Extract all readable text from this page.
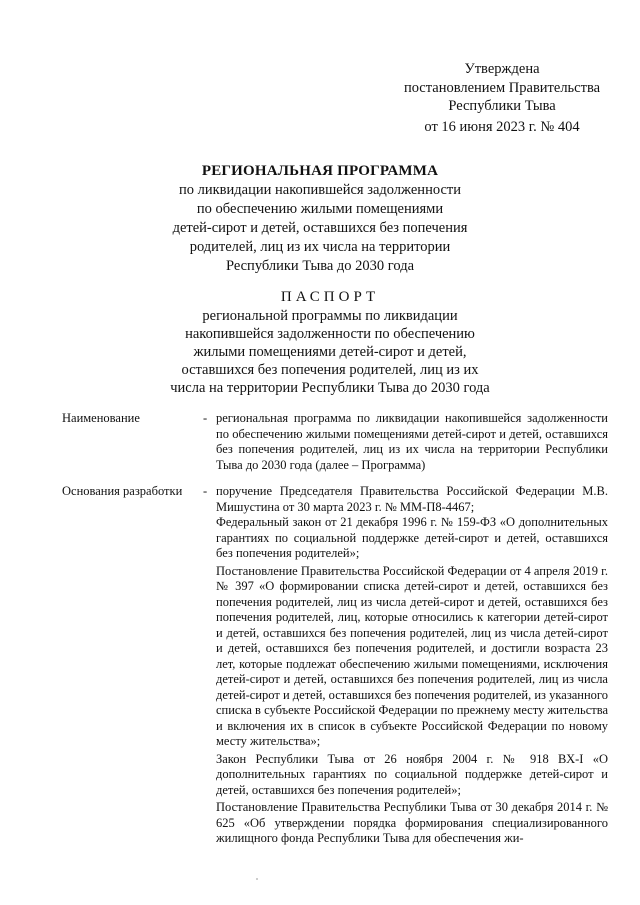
Утверждена
постановлением Правительства
Республики Тыва
от 16 июня 2023 г. № 404
РЕГИОНАЛЬНАЯ ПРОГРАММА
по ликвидации накопившейся задолженности
по обеспечению жилыми помещениями
детей-сирот и детей, оставшихся без попечения
родителей, лиц из их числа на территории
Республики Тыва до 2030 года
ПАСПОРТ
региональной программы по ликвидации
накопившейся задолженности по обеспечению
жилыми помещениями детей-сирот и детей,
оставшихся без попечения родителей, лиц из их
числа на территории Республики Тыва до 2030 года
Наименование	- региональная программа по ликвидации накопившейся задолженности по обеспечению жилыми помещениями детей-сирот и детей, оставшихся без попечения родителей, лиц из их числа на территории Республики Тыва до 2030 года (далее – Программа)

Основания разработки	- поручение Председателя Правительства Российской Федерации М.В. Мишустина от 30 марта 2023 г. № ММ-П8-4467;

Федеральный закон от 21 декабря 1996 г. № 159-ФЗ «О дополнительных гарантиях по социальной поддержке детей-сирот и детей, оставшихся без попечения родителей»;

Постановление Правительства Российской Федерации от 4 апреля 2019 г. № 397 «О формировании списка детей-сирот и детей, оставшихся без попечения родителей, лиц из числа детей-сирот и детей, оставшихся без попечения родителей, лиц, которые относились к категории детей-сирот и детей, оставшихся без попечения родителей, лиц из числа детей-сирот и детей, оставшихся без попечения родителей, и достигли возраста 23 лет, которые подлежат обеспечению жилыми помещениями, исключения детей-сирот и детей, оставшихся без попечения родителей, лиц из числа детей-сирот и детей, оставшихся без попечения родителей, из указанного списка в субъекте Российской Федерации по прежнему месту жительства и включения их в список в субъекте Российской Федерации по новому месту жительства»;

Закон Республики Тыва от 26 ноября 2004 г. № 918 ВХ-I «О дополнительных гарантиях по социальной поддержке детей-сирот и детей, оставшихся без попечения родителей»;

Постановление Правительства Республики Тыва от 30 декабря 2014 г. № 625 «Об утверждении порядка формирования специализированного жилищного фонда Республики Тыва для обеспечения жи-
